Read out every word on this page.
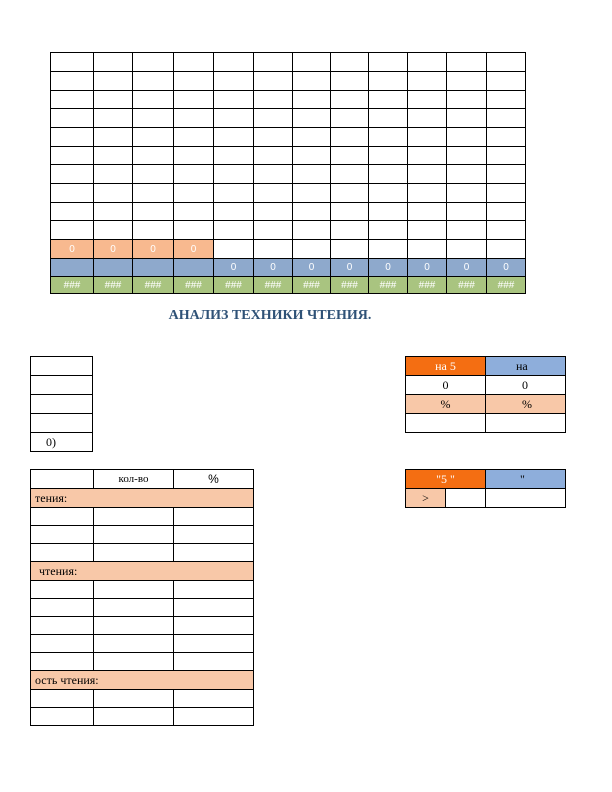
0	0	0	0								
				0	0	0	0	0	0	0	0
###	###	###	###	###	###	###	###	###	###	###	###
АНАЛИЗ ТЕХНИКИ ЧТЕНИЯ.

0)
на 5	на
0	0
%	%

	кол-во	%
тения:		

чтения:		

ость чтения:		

"5 "		"
>		
